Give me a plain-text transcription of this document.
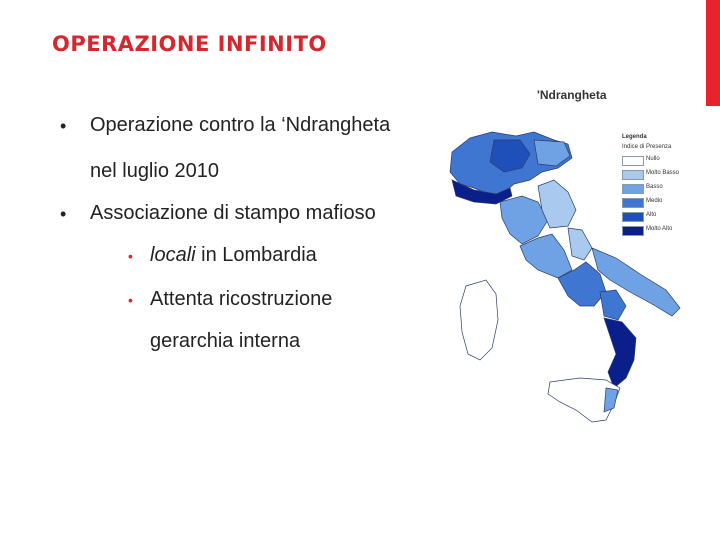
OPERAZIONE INFINITO
• Operazione contro la ‘Ndrangheta
nel luglio 2010
• Associazione di stampo mafioso
• locali in Lombardia
• Attenta ricostruzione
gerarchia interna
'Ndrangheta
Legenda
Indice di Presenza
Nullo
Molto Basso
Basso
Medio
Alto
Molto Alto
